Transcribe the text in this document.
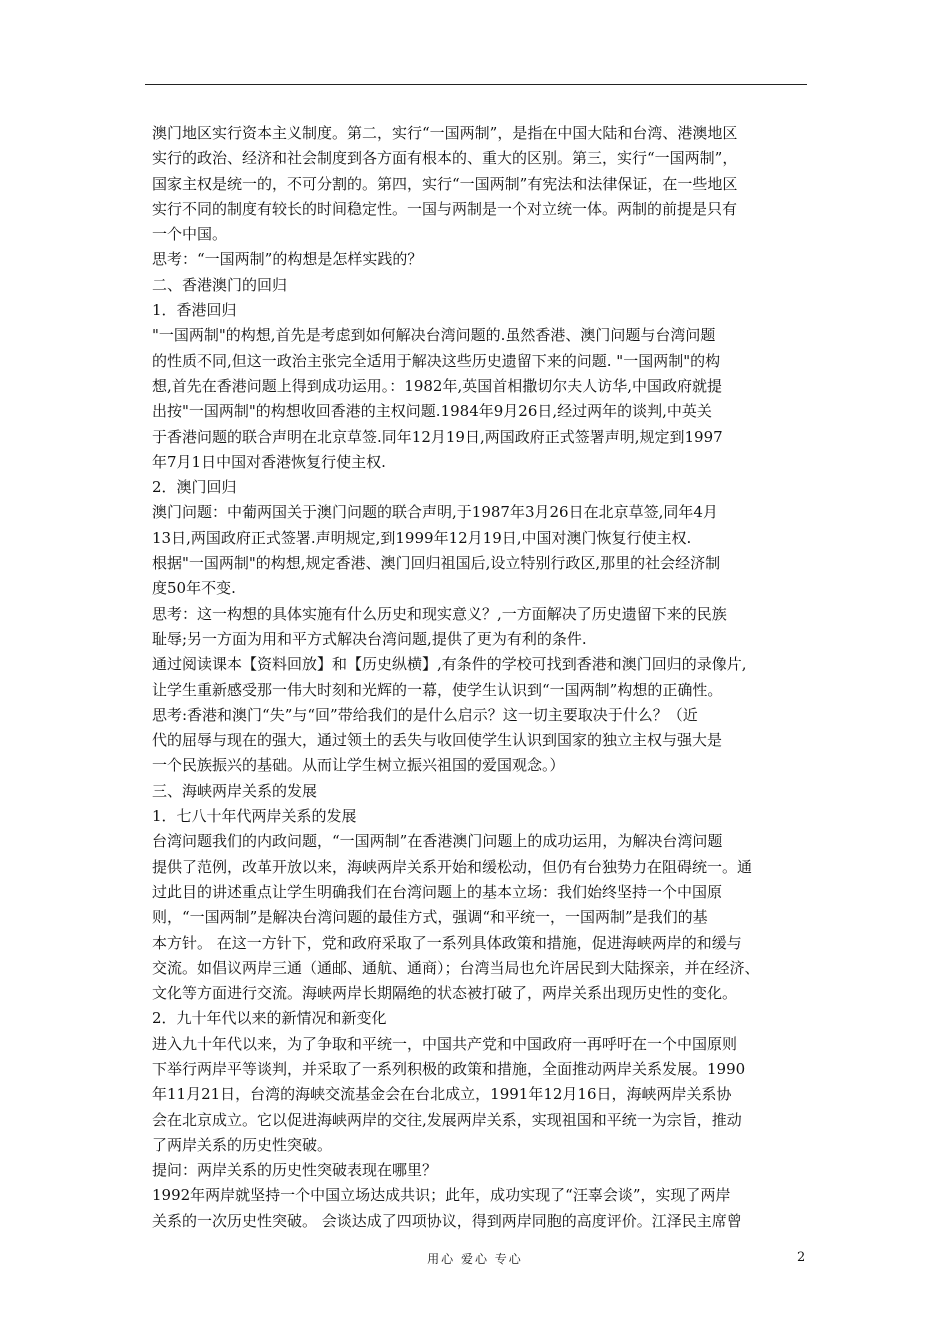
澳门地区实行资本主义制度。第二，实行“一国两制”，是指在中国大陆和台湾、港澳地区
实行的政治、经济和社会制度到各方面有根本的、重大的区别。第三，实行“一国两制”，
国家主权是统一的，不可分割的。第四，实行“一国两制”有宪法和法律保证，在一些地区
实行不同的制度有较长的时间稳定性。一国与两制是一个对立统一体。两制的前提是只有
一个中国。
思考：“一国两制”的构想是怎样实践的？
二、香港澳门的回归
1．香港回归
"一国两制"的构想,首先是考虑到如何解决台湾问题的.虽然香港、澳门问题与台湾问题
的性质不同,但这一政治主张完全适用于解决这些历史遗留下来的问题. "一国两制"的构
想,首先在香港问题上得到成功运用。：1982年,英国首相撒切尔夫人访华,中国政府就提
出按"一国两制"的构想收回香港的主权问题.1984年9月26日,经过两年的谈判,中英关
于香港问题的联合声明在北京草签.同年12月19日,两国政府正式签署声明,规定到1997
年7月1日中国对香港恢复行使主权.
2．澳门回归
澳门问题：中葡两国关于澳门问题的联合声明,于1987年3月26日在北京草签,同年4月
13日,两国政府正式签署.声明规定,到1999年12月19日,中国对澳门恢复行使主权.
根据"一国两制"的构想,规定香港、澳门回归祖国后,设立特别行政区,那里的社会经济制
度50年不变.
思考：这一构想的具体实施有什么历史和现实意义？,一方面解决了历史遗留下来的民族
耻辱;另一方面为用和平方式解决台湾问题,提供了更为有利的条件.
通过阅读课本【资料回放】和【历史纵横】,有条件的学校可找到香港和澳门回归的录像片,
让学生重新感受那一伟大时刻和光辉的一幕，使学生认识到“一国两制”构想的正确性。
思考:香港和澳门“失”与“回”带给我们的是什么启示？这一切主要取决于什么？（近
代的屈辱与现在的强大，通过领土的丢失与收回使学生认识到国家的独立主权与强大是
一个民族振兴的基础。从而让学生树立振兴祖国的爱国观念。）
三、海峡两岸关系的发展
1．七八十年代两岸关系的发展
台湾问题我们的内政问题，“一国两制”在香港澳门问题上的成功运用，为解决台湾问题
提供了范例，改革开放以来，海峡两岸关系开始和缓松动，但仍有台独势力在阻碍统一。通
过此目的讲述重点让学生明确我们在台湾问题上的基本立场：我们始终坚持一个中国原
则，“一国两制”是解决台湾问题的最佳方式，强调“和平统一，一国两制”是我们的基
本方针。 在这一方针下，党和政府采取了一系列具体政策和措施，促进海峡两岸的和缓与
交流。如倡议两岸三通（通邮、通航、通商）；台湾当局也允许居民到大陆探亲，并在经济、
文化等方面进行交流。海峡两岸长期隔绝的状态被打破了，两岸关系出现历史性的变化。
2．九十年代以来的新情况和新变化
进入九十年代以来，为了争取和平统一，中国共产党和中国政府一再呼吁在一个中国原则
下举行两岸平等谈判，并采取了一系列积极的政策和措施，全面推动两岸关系发展。1990
年11月21日，台湾的海峡交流基金会在台北成立，1991年12月16日，海峡两岸关系协
会在北京成立。它以促进海峡两岸的交往,发展两岸关系，实现祖国和平统一为宗旨，推动
了两岸关系的历史性突破。
提问：两岸关系的历史性突破表现在哪里？
1992年两岸就坚持一个中国立场达成共识；此年，成功实现了“汪辜会谈”，实现了两岸
关系的一次历史性突破。 会谈达成了四项协议，得到两岸同胞的高度评价。江泽民主席曾
用心 爱心 专心	2
